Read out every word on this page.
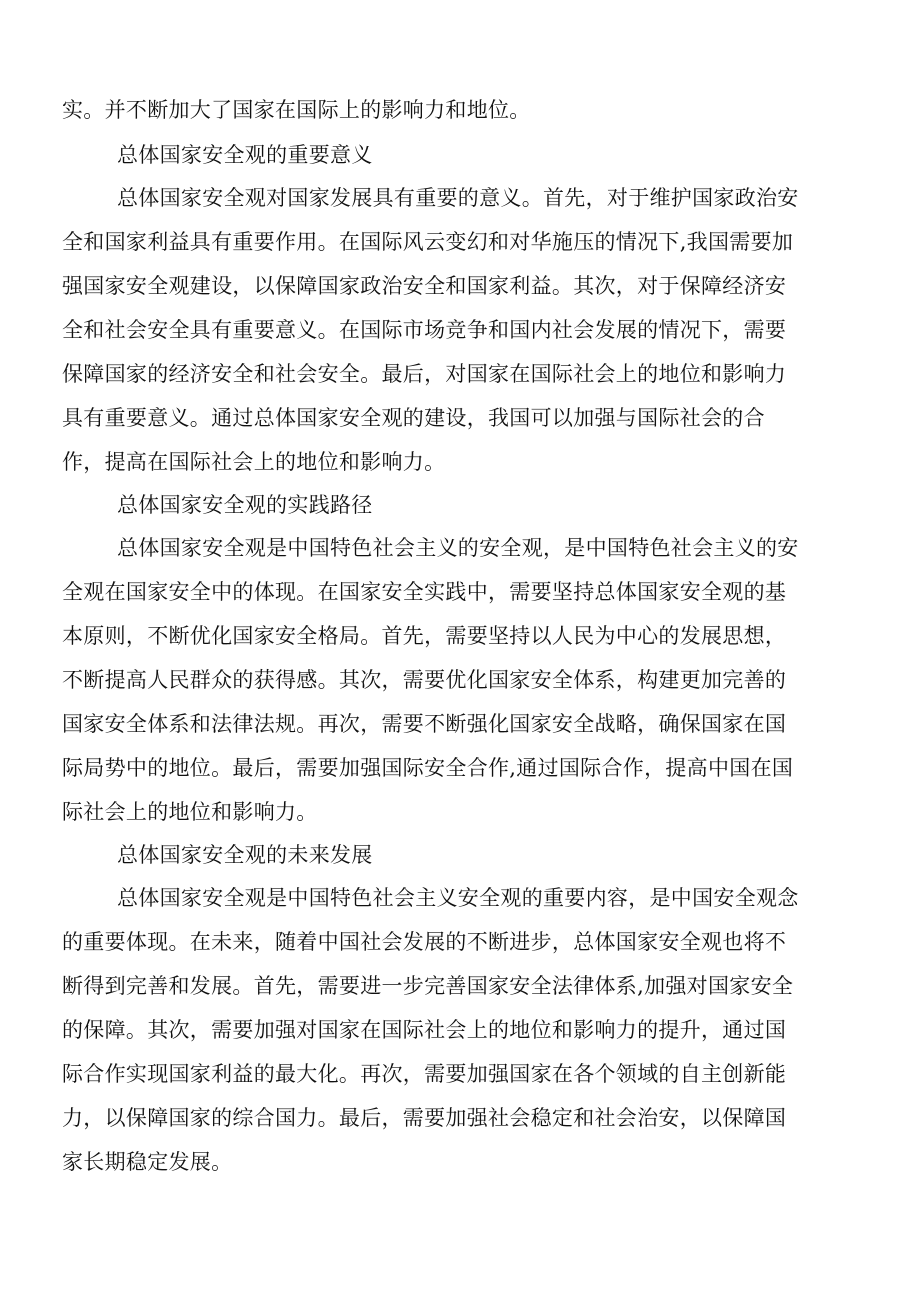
实。并不断加大了国家在国际上的影响力和地位。
总体国家安全观的重要意义
总体国家安全观对国家发展具有重要的意义。首先，对于维护国家政治安
全和国家利益具有重要作用。在国际风云变幻和对华施压的情况下,我国需要加
强国家安全观建设，以保障国家政治安全和国家利益。其次，对于保障经济安
全和社会安全具有重要意义。在国际市场竞争和国内社会发展的情况下，需要
保障国家的经济安全和社会安全。最后，对国家在国际社会上的地位和影响力
具有重要意义。通过总体国家安全观的建设，我国可以加强与国际社会的合
作，提高在国际社会上的地位和影响力。
总体国家安全观的实践路径
总体国家安全观是中国特色社会主义的安全观，是中国特色社会主义的安
全观在国家安全中的体现。在国家安全实践中，需要坚持总体国家安全观的基
本原则，不断优化国家安全格局。首先，需要坚持以人民为中心的发展思想，
不断提高人民群众的获得感。其次，需要优化国家安全体系，构建更加完善的
国家安全体系和法律法规。再次，需要不断强化国家安全战略，确保国家在国
际局势中的地位。最后，需要加强国际安全合作,通过国际合作，提高中国在国
际社会上的地位和影响力。
总体国家安全观的未来发展
总体国家安全观是中国特色社会主义安全观的重要内容，是中国安全观念
的重要体现。在未来，随着中国社会发展的不断进步，总体国家安全观也将不
断得到完善和发展。首先，需要进一步完善国家安全法律体系,加强对国家安全
的保障。其次，需要加强对国家在国际社会上的地位和影响力的提升，通过国
际合作实现国家利益的最大化。再次，需要加强国家在各个领域的自主创新能
力，以保障国家的综合国力。最后，需要加强社会稳定和社会治安，以保障国
家长期稳定发展。
